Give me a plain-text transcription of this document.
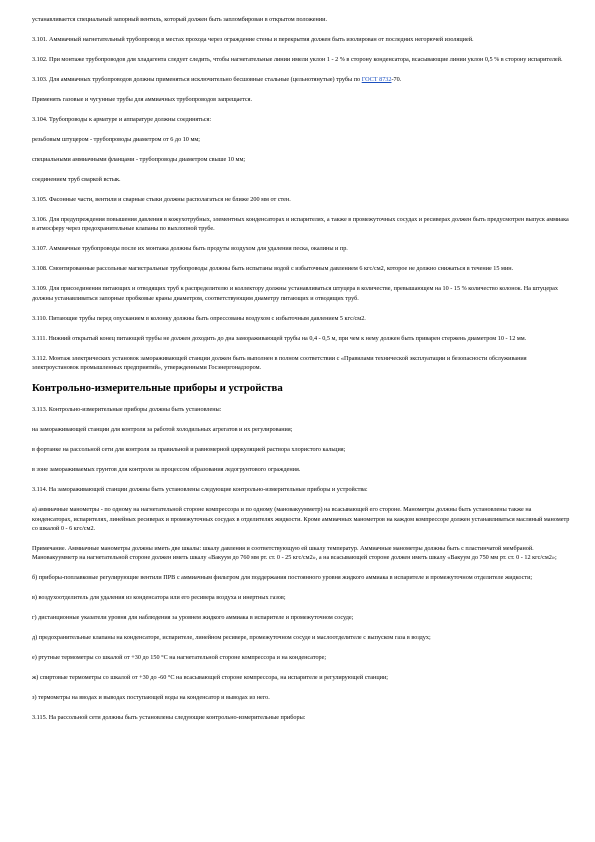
устанавливается специальный запорный вентиль, который должен быть запломбирован в открытом положении.

3.101. Аммиачный нагнетательный трубопровод в местах прохода через ограждение стены и перекрытия должен быть изолирован от последних негорючей изоляцией.

3.102. При монтаже трубопроводов для хладагента следует следить, чтобы нагнетательные линии имели уклон 1 - 2 % в сторону конденсатора, всасывающие линии уклон 0,5 % в сторону испарителей.

3.103. Для аммиачных трубопроводов должны применяться исключительно бесшовные стальные (цельнотянутые) трубы по ГОСТ 8732-70.

Применять газовые и чугунные трубы для аммиачных трубопроводов запрещается.

3.104. Трубопроводы к арматуре и аппаратуре должны соединяться:

резьбовым штуцером - трубопроводы диаметром от 6 до 10 мм;

специальными аммиачными фланцами - трубопроводы диаметром свыше 10 мм;

соединением труб сваркой встык.

3.105. Фасонные части, вентили и сварные стыки должны располагаться не ближе 200 мм от стен.

3.106. Для предупреждения повышения давления в кожухотрубных, элементных конденсаторах и испарителях, а также в промежуточных сосудах и ресиверах должен быть предусмотрен выпуск аммиака в атмосферу через предохранительные клапаны по выхлопной трубе.

3.107. Аммиачные трубопроводы после их монтажа должны быть продуты воздухом для удаления песка, окалины и пр.

3.108. Смонтированные рассольные магистральные трубопроводы должны быть испытаны водой с избыточным давлением 6 кгс/см2, которое не должно снижаться в течение 15 мин.

3.109. Для присоединения питающих и отводящих труб к распределителю и коллектору должны устанавливаться штуцера в количестве, превышающем на 10 - 15 % количество колонок. На штуцерах должны устанавливаться запорные пробковые краны диаметром, соответствующим диаметру питающих и отводящих труб.

3.110. Питающие трубы перед опусканием в колонку должны быть опрессованы воздухом с избыточным давлением 5 кгс/см2.

3.111. Нижний открытый конец питающей трубы не должен доходить до дна замораживающей трубы на 0,4 - 0,5 м, при чем к нему должен быть приварен стержень диаметром 10 - 12 мм.

3.112. Монтаж электрических установок замораживающей станции должен быть выполнен в полном соответствии с «Правилами технической эксплуатации и безопасности обслуживания электроустановок промышленных предприятий», утвержденными Госэнергонадзором.

Контрольно-измерительные приборы и устройства

3.113. Контрольно-измерительные приборы должны быть установлены:

на замораживающей станции для контроля за работой холодильных агрегатов и их регулирования;

в фортанке на рассольной сети для контроля за правильной и равномерной циркуляцией раствора хлористого кальция;

в зоне замораживаемых грунтов для контроля за процессом образования ледогрунтового ограждения.

3.114. На замораживающей станции должны быть установлены следующие контрольно-измерительные приборы и устройства:

а) аммиачные манометры - по одному на нагнетательной стороне компрессора и по одному (мановакуумметр) на всасывающей его стороне. Манометры должны быть установлены также на конденсаторах, испарителях, линейных ресиверах и промежуточных сосудах в отделителях жидкости. Кроме аммиачных манометров на каждом компрессоре должен устанавливаться масляный манометр со шкалой 0 - 6 кгс/см2.

Примечание. Аммиачные манометры должны иметь две шкалы: шкалу давления и соответствующую ей шкалу температур. Аммиачные манометры должны быть с пластинчатой мембраной. Мановакуумметр на нагнетательной стороне должен иметь шкалу «Вакуум до 760 мм рт. ст. 0 - 25 кгс/см2», а на всасывающей стороне должен иметь шкалу «Вакуум до 750 мм рт. ст. 0 - 12 кгс/см2»;

б) приборы-поплавковые регулирующие вентили ПРВ с аммиачным фильтром для поддержания постоянного уровня жидкого аммиака в испарителе и промежуточном отделителе жидкости;

в) воздухоотделитель для удаления из конденсатора или его ресивера воздуха и инертных газов;

г) дистанционные указатели уровня для наблюдения за уровнем жидкого аммиака в испарителе и промежуточном сосуде;

д) предохранительные клапаны на конденсаторе, испарителе, линейном ресивере, промежуточном сосуде и маслоотделителе с выпуском газа в воздух;

е) ртутные термометры со шкалой от +30 до 150 °С на нагнетательной стороне компрессора и на конденсаторе;

ж) спиртовые термометры со шкалой от +30 до -60 °С на всасывающей стороне компрессора, на испарителе и регулирующей станции;

з) термометры на вводах и выводах поступающей воды на конденсатор и выводах из него.

3.115. На рассольной сети должны быть установлены следующие контрольно-измерительные приборы:
